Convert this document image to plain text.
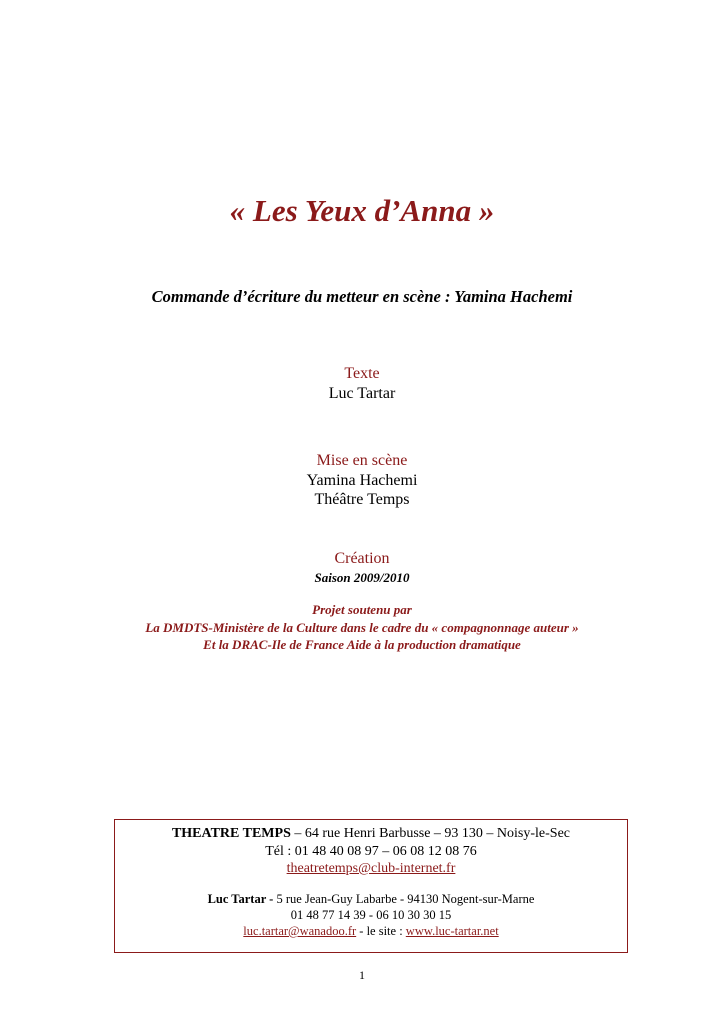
« Les Yeux d’Anna »
Commande d’écriture du metteur en scène : Yamina Hachemi
Texte
Luc Tartar
Mise en scène
Yamina Hachemi
Théâtre Temps
Création
Saison 2009/2010
Projet soutenu par
La DMDTS-Ministère de la Culture dans le cadre du « compagnonnage auteur »
Et la DRAC-Ile de France Aide à la production dramatique
THEATRE TEMPS – 64 rue Henri Barbusse – 93 130 – Noisy-le-Sec
Tél : 01 48 40 08 97 – 06 08 12 08 76
theatretemps@club-internet.fr
Luc Tartar - 5 rue Jean-Guy Labarbe - 94130 Nogent-sur-Marne
01 48 77 14 39 - 06 10 30 30 15
luc.tartar@wanadoo.fr - le site : www.luc-tartar.net
1
